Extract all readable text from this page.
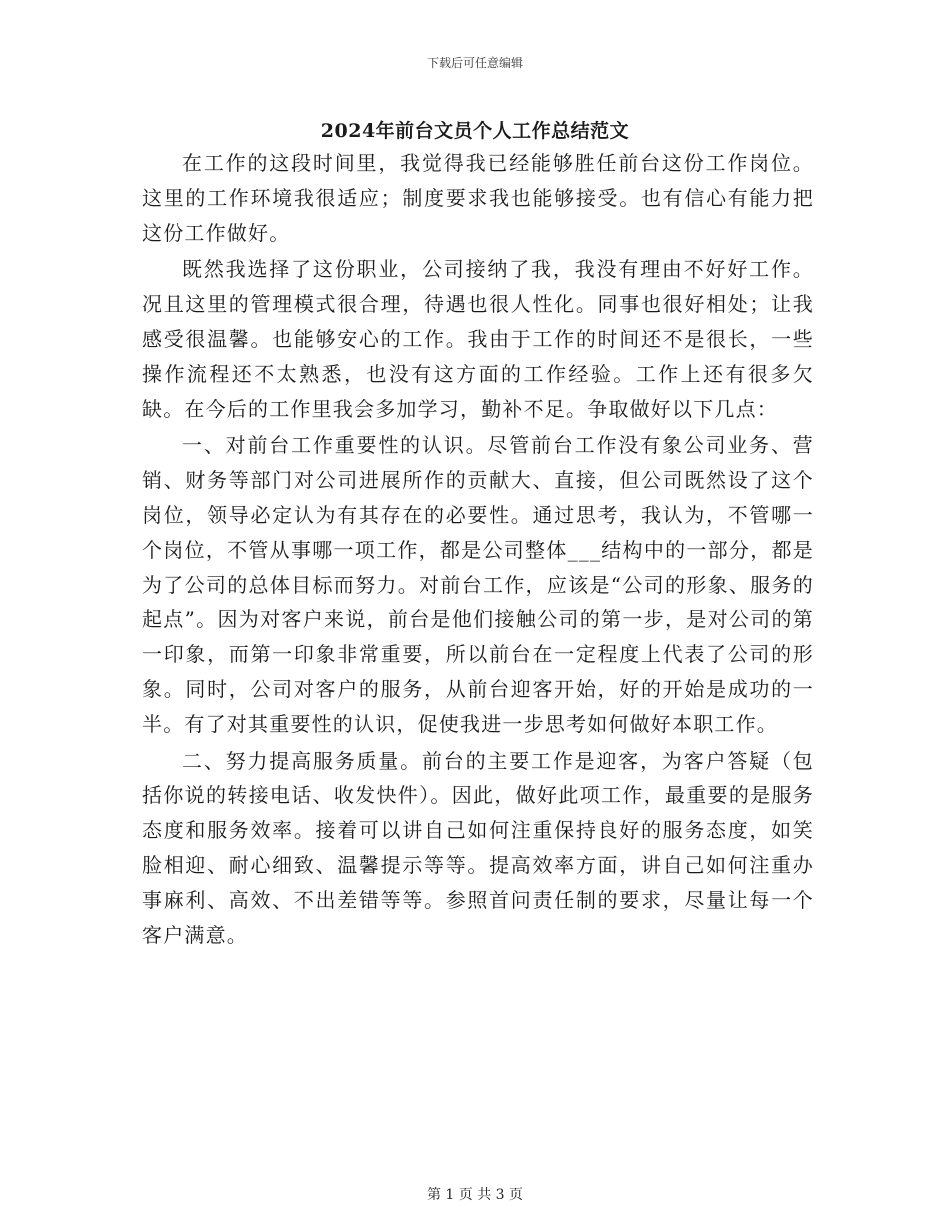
下载后可任意编辑
2024年前台文员个人工作总结范文

在工作的这段时间里，我觉得我已经能够胜任前台这份工作岗位。这里的工作环境我很适应；制度要求我也能够接受。也有信心有能力把这份工作做好。

既然我选择了这份职业，公司接纳了我，我没有理由不好好工作。况且这里的管理模式很合理，待遇也很人性化。同事也很好相处；让我感受很温馨。也能够安心的工作。我由于工作的时间还不是很长，一些操作流程还不太熟悉，也没有这方面的工作经验。工作上还有很多欠缺。在今后的工作里我会多加学习，勤补不足。争取做好以下几点：

一、对前台工作重要性的认识。尽管前台工作没有象公司业务、营销、财务等部门对公司进展所作的贡献大、直接，但公司既然设了这个岗位，领导必定认为有其存在的必要性。通过思考，我认为，不管哪一个岗位，不管从事哪一项工作，都是公司整体___结构中的一部分，都是为了公司的总体目标而努力。对前台工作，应该是“公司的形象、服务的起点”。因为对客户来说，前台是他们接触公司的第一步，是对公司的第一印象，而第一印象非常重要，所以前台在一定程度上代表了公司的形象。同时，公司对客户的服务，从前台迎客开始，好的开始是成功的一半。有了对其重要性的认识，促使我进一步思考如何做好本职工作。

二、努力提高服务质量。前台的主要工作是迎客，为客户答疑（包括你说的转接电话、收发快件）。因此，做好此项工作，最重要的是服务态度和服务效率。接着可以讲自己如何注重保持良好的服务态度，如笑脸相迎、耐心细致、温馨提示等等。提高效率方面，讲自己如何注重办事麻利、高效、不出差错等等。参照首问责任制的要求，尽量让每一个客户满意。

第 1 页 共 3 页
